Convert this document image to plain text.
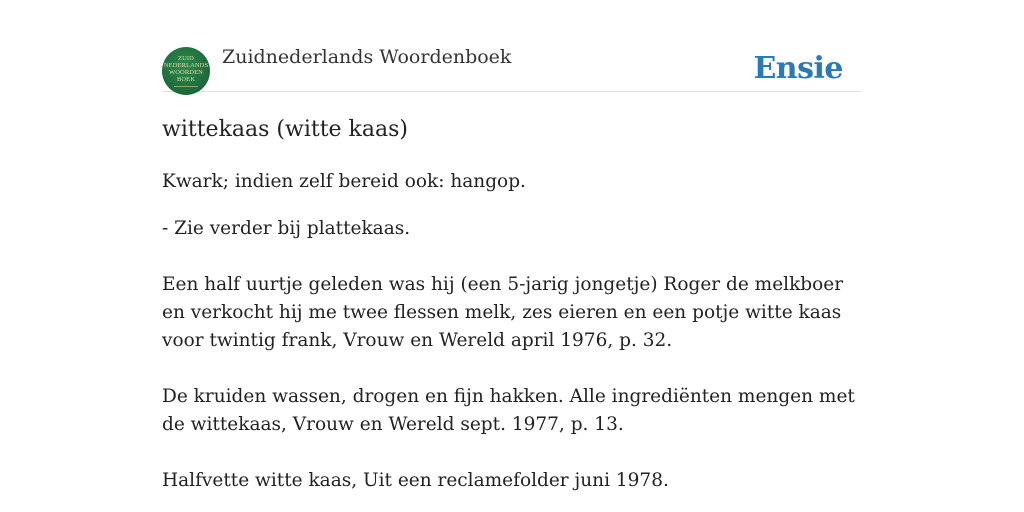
ZUID
NEDERLANDS
WOORDEN
BOEK
Zuidnederlands Woordenboek	Ensie
wittekaas (witte kaas)

Kwark; indien zelf bereid ook: hangop.

- Zie verder bij plattekaas.

Een half uurtje geleden was hij (een 5-jarig jongetje) Roger de melkboer en verkocht hij me twee flessen melk, zes eieren en een potje witte kaas voor twintig frank, Vrouw en Wereld april 1976, p. 32.

De kruiden wassen, drogen en fijn hakken. Alle ingrediënten mengen met de wittekaas, Vrouw en Wereld sept. 1977, p. 13.

Halfvette witte kaas, Uit een reclamefolder juni 1978.
